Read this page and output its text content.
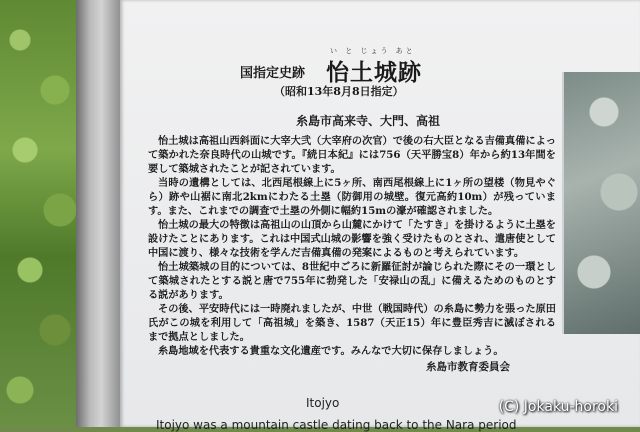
国指定史跡
い と じょう あと
怡土城跡
（昭和13年8月8日指定）
糸島市高来寺、大門、高祖

怡土城は高祖山西斜面に大宰大弐（大宰府の次官）で後の右大臣となる吉備真備によって築かれた奈良時代の山城です。『続日本紀』には756（天平勝宝8）年から約13年間を要して築城されたことが記されています。

当時の遺構としては、北西尾根線上に5ヶ所、南西尾根線上に1ヶ所の望楼（物見やぐら）跡や山裾に南北2kmにわたる土塁（防御用の城壁。復元高約10m）が残っています。また、これまでの調査で土塁の外側に幅約15mの濠が確認されました。

怡土城の最大の特徴は高祖山の山頂から山麓にかけて「たすき」を掛けるように土塁を設けたことにあります。これは中国式山城の影響を強く受けたものとされ、遣唐使として中国に渡り、様々な技術を学んだ吉備真備の発案によるものと考えられています。

怡土城築城の目的については、8世紀中ごろに新羅征討が論じられた際にその一環として築城されたとする説と唐で755年に勃発した「安禄山の乱」に備えるためのものとする説があります。

その後、平安時代には一時廃れましたが、中世（戦国時代）の糸島に勢力を張った原田氏がこの城を利用して「高祖城」を築き、1587（天正15）年に豊臣秀吉に滅ぼされるまで拠点としました。

糸島地域を代表する貴重な文化遺産です。みんなで大切に保存しましょう。

糸島市教育委員会
Itojyo
Itojyo was a mountain castle dating back to the Nara period
(C) Jokaku-horoki
